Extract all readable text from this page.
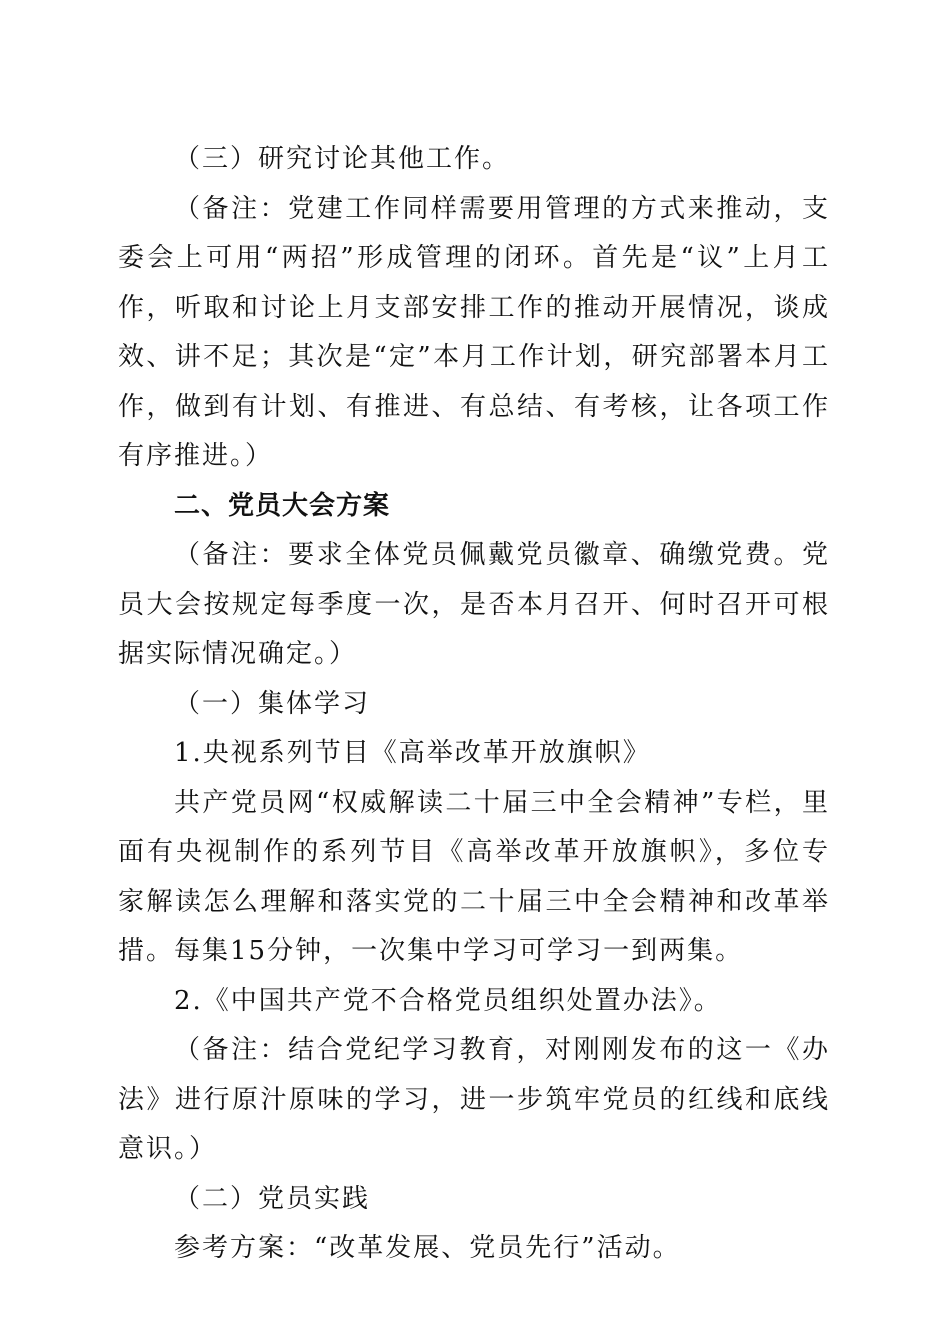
（三）研究讨论其他工作。

（备注：党建工作同样需要用管理的方式来推动，支委会上可用“两招”形成管理的闭环。首先是“议”上月工作，听取和讨论上月支部安排工作的推动开展情况，谈成效、讲不足；其次是“定”本月工作计划，研究部署本月工作，做到有计划、有推进、有总结、有考核，让各项工作有序推进。）

二、党员大会方案

（备注：要求全体党员佩戴党员徽章、确缴党费。党员大会按规定每季度一次，是否本月召开、何时召开可根据实际情况确定。）

（一）集体学习

1.央视系列节目《高举改革开放旗帜》

共产党员网“权威解读二十届三中全会精神”专栏，里面有央视制作的系列节目《高举改革开放旗帜》，多位专家解读怎么理解和落实党的二十届三中全会精神和改革举措。每集15分钟，一次集中学习可学习一到两集。

2.《中国共产党不合格党员组织处置办法》。

（备注：结合党纪学习教育，对刚刚发布的这一《办法》进行原汁原味的学习，进一步筑牢党员的红线和底线意识。）

（二）党员实践

参考方案：“改革发展、党员先行”活动。
